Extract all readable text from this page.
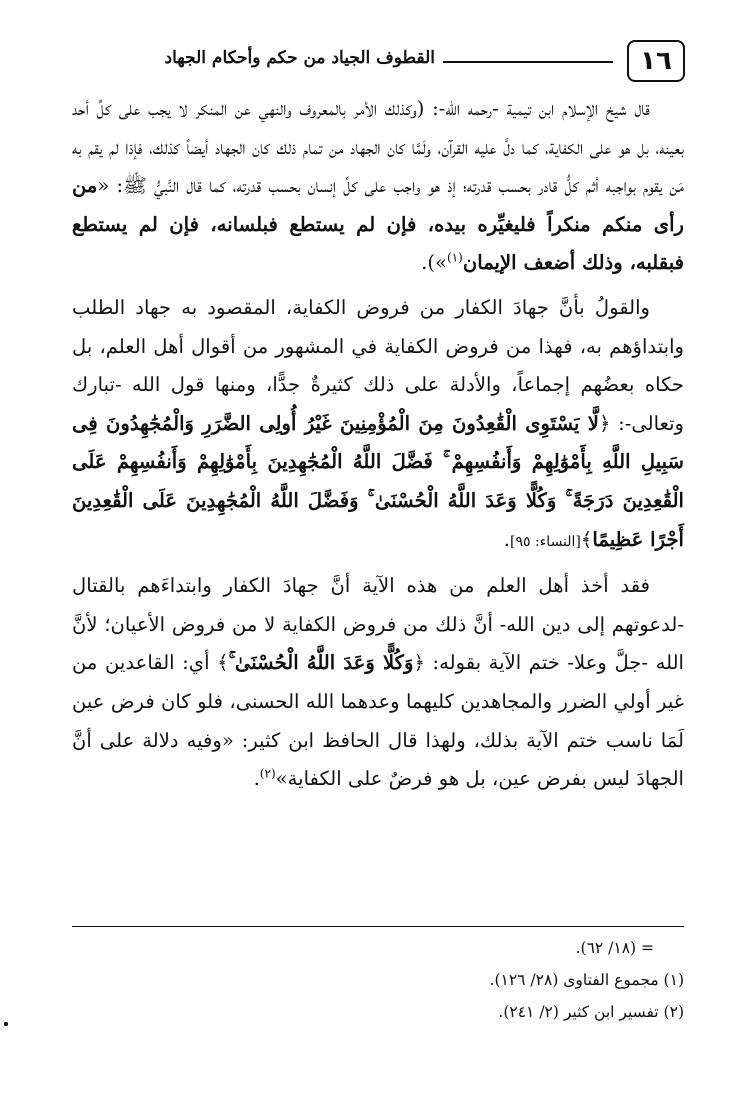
١٦
القطوف الجياد من حكم وأحكام الجهاد

قال شيخ الإسلام ابن تيمية -رحمه الله-: (وكذلك الأمر بالمعروف والنهي عن المنكر لا يجب على كلِّ أحد بعينه، بل هو على الكفاية، كما دلَّ عليه القرآن، ولَمَّا كان الجهاد من تمام ذلك كان الجهاد أيضاً كذلك، فإذا لم يقم به مَن يقوم بواجبه أثم كلُّ قادر بحسب قدرته؛ إذ هو واجب على كلِّ إنسان بحسب قدرته، كما قال النَّبيُّ ﷺ: «من رأى منكم منكراً فليغيِّره بيده، فإن لم يستطع فبلسانه، فإن لم يستطع فبقلبه، وذلك أضعف الإيمان$^{(١)}$»).

والقولُ بأنَّ جهادَ الكفار من فروض الكفاية، المقصود به جهاد الطلب وابتداؤهم به، فهذا من فروض الكفاية في المشهور من أقوال أهل العلم، بل حكاه بعضُهم إجماعاً، والأدلة على ذلك كثيرةٌ جدًّا، ومنها قول الله -تبارك وتعالى-: ﴿لَّا يَسْتَوِى الْقَٰعِدُونَ مِنَ الْمُؤْمِنِينَ غَيْرُ أُولِى الضَّرَرِ وَالْمُجَٰهِدُونَ فِى سَبِيلِ اللَّهِ بِأَمْوَٰلِهِمْ وَأَنفُسِهِمْ ۚ فَضَّلَ اللَّهُ الْمُجَٰهِدِينَ بِأَمْوَٰلِهِمْ وَأَنفُسِهِمْ عَلَى الْقَٰعِدِينَ دَرَجَةً ۚ وَكُلًّا وَعَدَ اللَّهُ الْحُسْنَىٰ ۚ وَفَضَّلَ اللَّهُ الْمُجَٰهِدِينَ عَلَى الْقَٰعِدِينَ أَجْرًا عَظِيمًا﴾[النساء: ٩٥].

فقد أخذ أهل العلم من هذه الآية أنَّ جهادَ الكفار وابتداءَهم بالقتال -لدعوتهم إلى دين الله- أنَّ ذلك من فروض الكفاية لا من فروض الأعيان؛ لأنَّ الله -جلَّ وعلا- ختم الآية بقوله: ﴿وَكُلًّا وَعَدَ اللَّهُ الْحُسْنَىٰ ۚ﴾ أي: القاعدين من غير أولي الضرر والمجاهدين كليهما وعدهما الله الحسنى، فلو كان فرض عين لَمَا ناسب ختم الآية بذلك، ولهذا قال الحافظ ابن كثير: «وفيه دلالة على أنَّ الجهادَ ليس بفرض عين، بل هو فرضٌ على الكفاية»$^{(٢)}$.

= (١٨/ ٦٢).

(١) مجموع الفتاوى (٢٨/ ١٢٦).

(٢) تفسير ابن كثير (٢/ ٢٤١).
